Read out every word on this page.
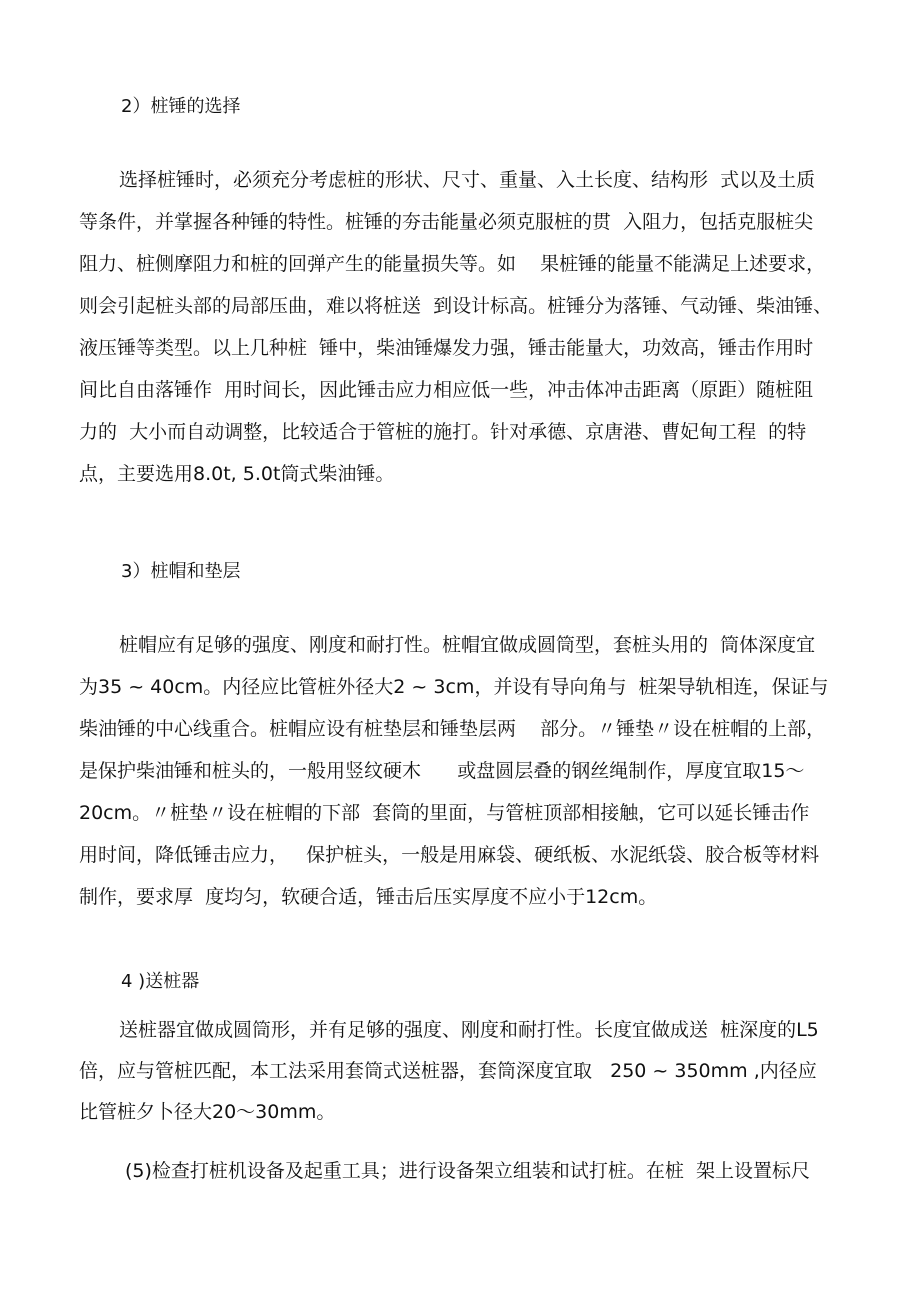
2）桩锤的选择
选择桩锤时，必须充分考虑桩的形状、尺寸、重量、入土长度、结构形  式以及土质
等条件，并掌握各种锤的特性。桩锤的夯击能量必须克服桩的贯  入阻力，包括克服桩尖
阻力、桩侧摩阻力和桩的回弹产生的能量损失等。如    果桩锤的能量不能满足上述要求，
则会引起桩头部的局部压曲，难以将桩送  到设计标高。桩锤分为落锤、气动锤、柴油锤、
液压锤等类型。以上几种桩  锤中，柴油锤爆发力强，锤击能量大，功效高，锤击作用时
间比自由落锤作  用时间长，因此锤击应力相应低一些，冲击体冲击距离（原距）随桩阻
力的  大小而自动调整，比较适合于管桩的施打。针对承德、京唐港、曹妃甸工程  的特
点，主要选用8.0t, 5.0t筒式柴油锤。
3）桩帽和垫层
桩帽应有足够的强度、刚度和耐打性。桩帽宜做成圆筒型，套桩头用的  筒体深度宜
为35 ~ 40cm。内径应比管桩外径大2 ~ 3cm，并设有导向角与  桩架导轨相连，保证与
柴油锤的中心线重合。桩帽应设有桩垫层和锤垫层两    部分。〃锤垫〃设在桩帽的上部，
是保护柴油锤和桩头的，一般用竖纹硬木      或盘圆层叠的钢丝绳制作，厚度宜取15～
20cm。〃桩垫〃设在桩帽的下部  套筒的里面，与管桩顶部相接触，它可以延长锤击作
用时间，降低锤击应力，   保护桩头，一般是用麻袋、硬纸板、水泥纸袋、胶合板等材料
制作，要求厚  度均匀，软硬合适，锤击后压实厚度不应小于12cm。
4 )送桩器
送桩器宜做成圆筒形，并有足够的强度、刚度和耐打性。长度宜做成送  桩深度的L5
倍，应与管桩匹配，本工法采用套筒式送桩器，套筒深度宜取   250 ~ 350mm ,内径应
比管桩夕卜径大20～30mm。
(5)检查打桩机设备及起重工具；进行设备架立组装和试打桩。在桩  架上设置标尺
